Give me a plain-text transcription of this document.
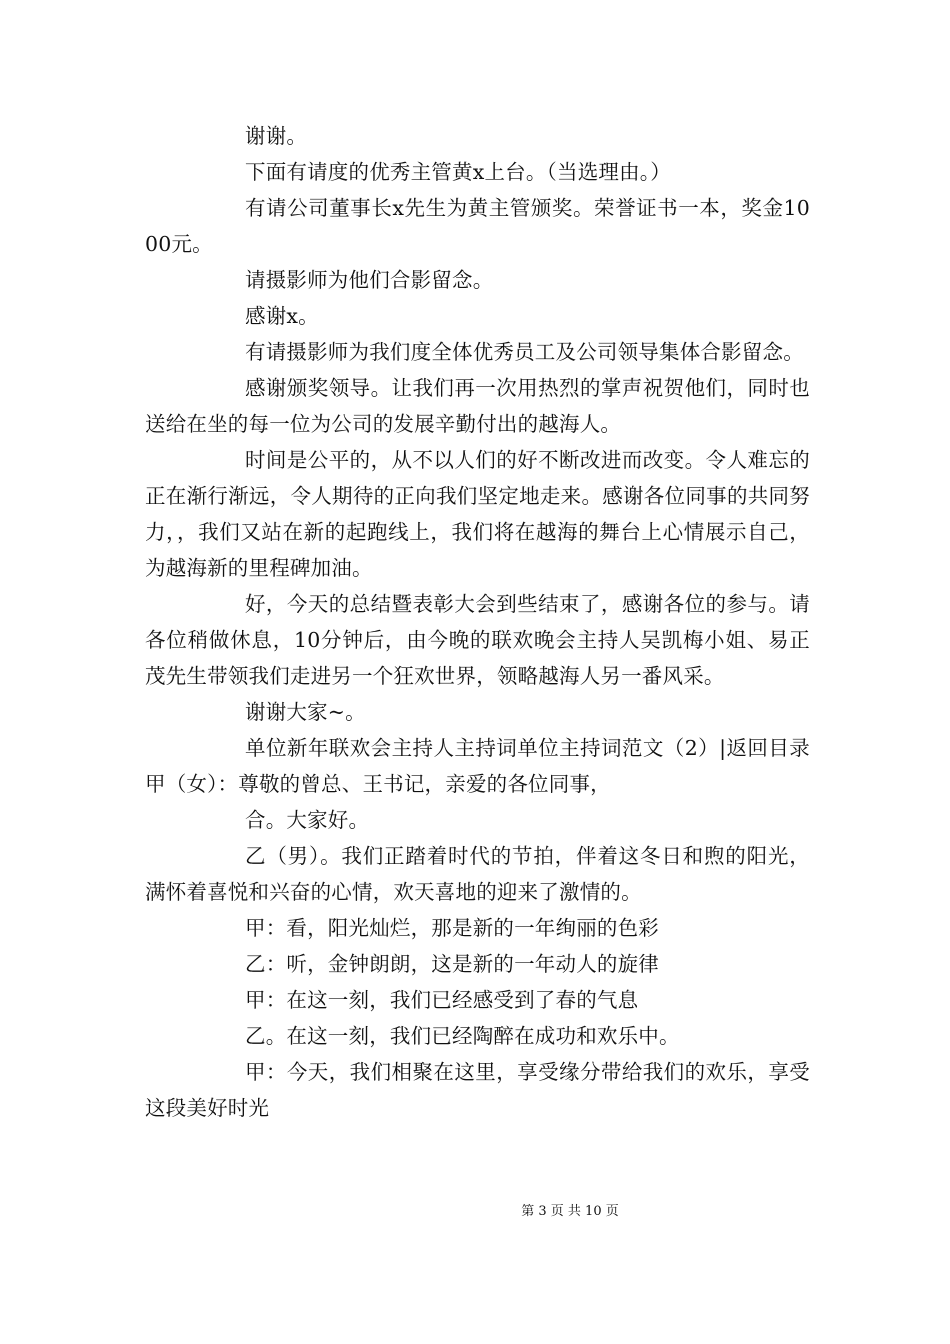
谢谢。

下面有请度的优秀主管黄x上台。（当选理由。）

有请公司董事长x先生为黄主管颁奖。荣誉证书一本，奖金1000元。

请摄影师为他们合影留念。

感谢x。

有请摄影师为我们度全体优秀员工及公司领导集体合影留念。

感谢颁奖领导。让我们再一次用热烈的掌声祝贺他们，同时也送给在坐的每一位为公司的发展辛勤付出的越海人。

时间是公平的，从不以人们的好不断改进而改变。令人难忘的正在渐行渐远，令人期待的正向我们坚定地走来。感谢各位同事的共同努力，，我们又站在新的起跑线上，我们将在越海的舞台上心情展示自己，为越海新的里程碑加油。

好，今天的总结暨表彰大会到些结束了，感谢各位的参与。请各位稍做休息，10分钟后，由今晚的联欢晚会主持人吴凯梅小姐、易正茂先生带领我们走进另一个狂欢世界，领略越海人另一番风采。

谢谢大家~。

单位新年联欢会主持人主持词单位主持词范文（2）|返回目录甲（女）：尊敬的曾总、王书记，亲爱的各位同事，

合。大家好。

乙（男）。我们正踏着时代的节拍，伴着这冬日和煦的阳光，满怀着喜悦和兴奋的心情，欢天喜地的迎来了激情的。

甲：看，阳光灿烂，那是新的一年绚丽的色彩

乙：听，金钟朗朗，这是新的一年动人的旋律

甲：在这一刻，我们已经感受到了春的气息

乙。在这一刻，我们已经陶醉在成功和欢乐中。

甲：今天，我们相聚在这里，享受缘分带给我们的欢乐，享受这段美好时光

第 3 页 共 10 页
